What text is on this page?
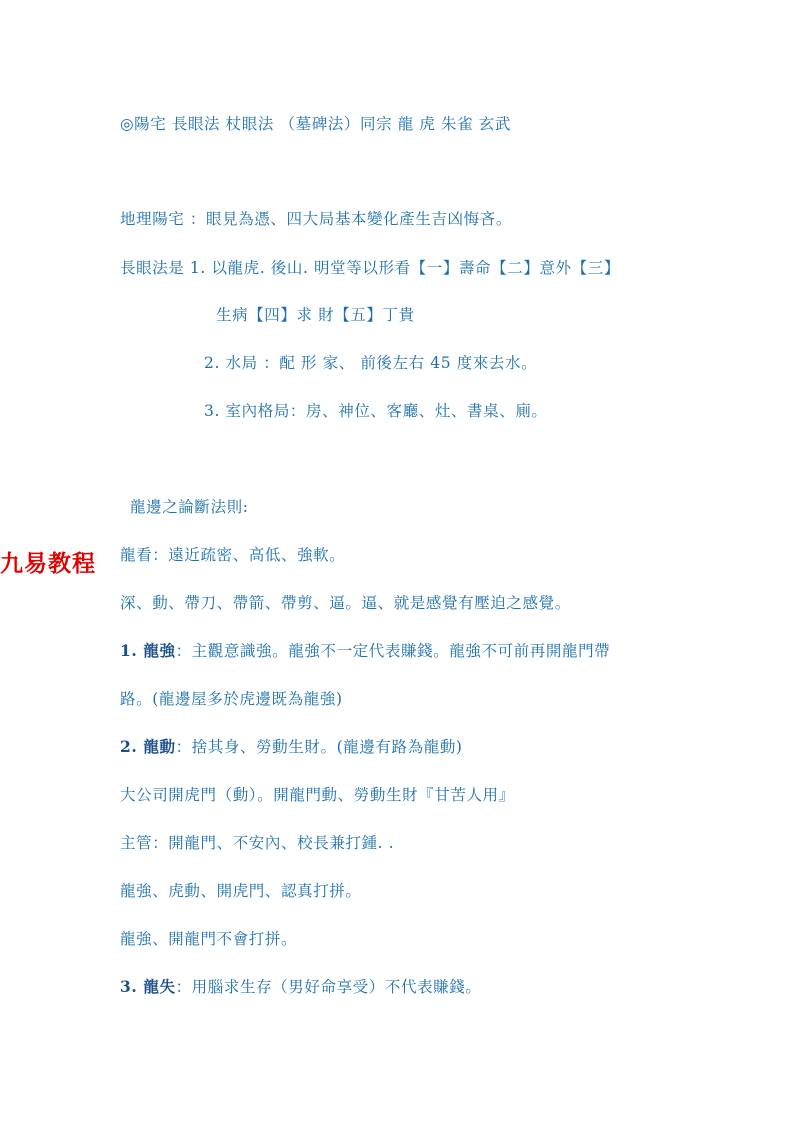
◎陽宅 長眼法 杖眼法 （墓碑法）同宗 龍 虎 朱雀 玄武
地理陽宅 ：眼見為憑、四大局基本變化產生吉凶悔吝。
長眼法是 1. 以龍虎. 後山. 明堂等以形看【一】壽命【二】意外【三】
生病【四】求 財【五】丁貴
2. 水局 ：配 形 家、 前後左右 45 度來去水。
3. 室內格局：房、神位、客廳、灶、書桌、廁。
龍邊之論斷法則:
九易教程 龍看：遠近疏密、高低、強軟。
深、動、帶刀、帶箭、帶剪、逼。逼、就是感覺有壓迫之感覺。
1. 龍強：主觀意識強。龍強不一定代表賺錢。龍強不可前再開龍門帶
路。(龍邊屋多於虎邊既為龍強)
2. 龍動：捨其身、勞動生財。(龍邊有路為龍動)
大公司開虎門（動）。開龍門動、勞動生財『甘苦人用』
主管：開龍門、不安內、校長兼打鍾. .
龍強、虎動、開虎門、認真打拼。
龍強、開龍門不會打拼。
3. 龍失：用腦求生存（男好命享受）不代表賺錢。
